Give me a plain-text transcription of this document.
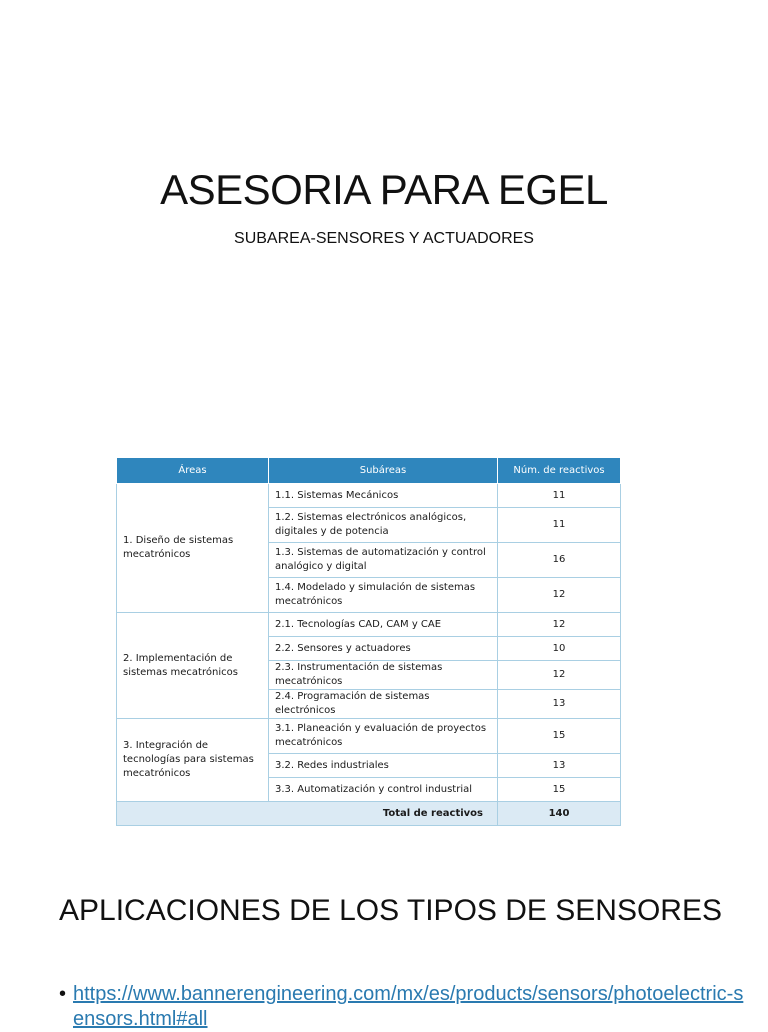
ASESORIA PARA EGEL

SUBAREA-SENSORES Y ACTUADORES

Áreas	Subáreas	Núm. de reactivos
1. Diseño de sistemas mecatrónicos	1.1. Sistemas Mecánicos	11
	1.2. Sistemas electrónicos analógicos, digitales y de potencia	11
	1.3. Sistemas de automatización y control analógico y digital	16
	1.4. Modelado y simulación de sistemas mecatrónicos	12
2. Implementación de sistemas mecatrónicos	2.1. Tecnologías CAD, CAM y CAE	12
	2.2. Sensores y actuadores	10
	2.3. Instrumentación de sistemas mecatrónicos	12
	2.4. Programación de sistemas electrónicos	13
3. Integración de tecnologías para sistemas mecatrónicos	3.1. Planeación y evaluación de proyectos mecatrónicos	15
	3.2. Redes industriales	13
	3.3. Automatización y control industrial	15
Total de reactivos		140
APLICACIONES DE LOS TIPOS DE SENSORES
• https://www.bannerengineering.com/mx/es/products/sensors/photoelectric-sensors.html#all
